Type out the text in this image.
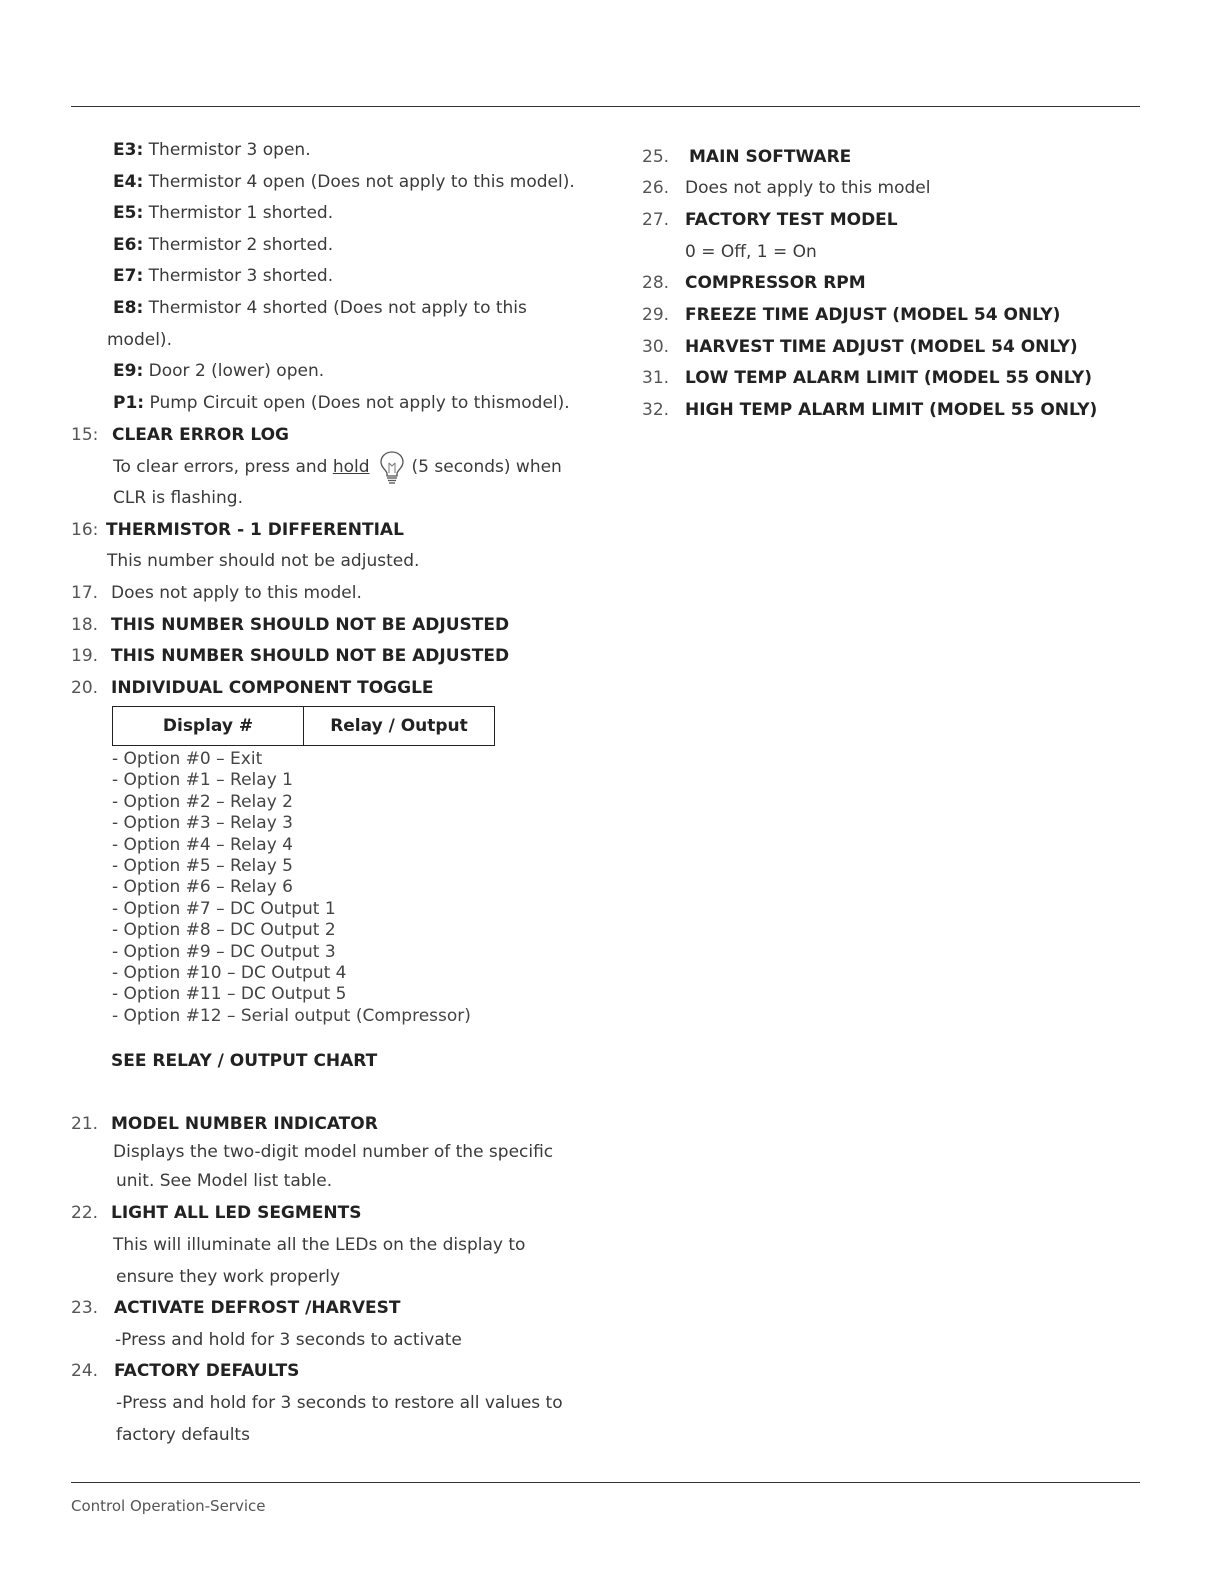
E3: Thermistor 3 open.
E4: Thermistor 4 open (Does not apply to this model).
E5: Thermistor 1 shorted.
E6: Thermistor 2 shorted.
E7: Thermistor 3 shorted.
E8: Thermistor 4 shorted (Does not apply to this
model).
E9: Door 2 (lower) open.
P1: Pump Circuit open (Does not apply to thismodel).
15: CLEAR ERROR LOG
To clear errors, press and hold (5 seconds) when
CLR is flashing.
16: THERMISTOR - 1 DIFFERENTIAL
This number should not be adjusted.
17. Does not apply to this model.
18. THIS NUMBER SHOULD NOT BE ADJUSTED
19. THIS NUMBER SHOULD NOT BE ADJUSTED
20. INDIVIDUAL COMPONENT TOGGLE
Display #	Relay / Output
- Option #0 – Exit
- Option #1 – Relay 1
- Option #2 – Relay 2
- Option #3 – Relay 3
- Option #4 – Relay 4
- Option #5 – Relay 5
- Option #6 – Relay 6
- Option #7 – DC Output 1
- Option #8 – DC Output 2
- Option #9 – DC Output 3
- Option #10 – DC Output 4
- Option #11 – DC Output 5
- Option #12 – Serial output (Compressor)
SEE RELAY / OUTPUT CHART
21. MODEL NUMBER INDICATOR
Displays the two-digit model number of the specific
unit. See Model list table.
22. LIGHT ALL LED SEGMENTS
This will illuminate all the LEDs on the display to
ensure they work properly
23. ACTIVATE DEFROST /HARVEST
-Press and hold for 3 seconds to activate
24. FACTORY DEFAULTS
-Press and hold for 3 seconds to restore all values to
factory defaults
25. MAIN SOFTWARE
26. Does not apply to this model
27. FACTORY TEST MODEL
0 = Off, 1 = On
28. COMPRESSOR RPM
29. FREEZE TIME ADJUST (MODEL 54 ONLY)
30. HARVEST TIME ADJUST (MODEL 54 ONLY)
31. LOW TEMP ALARM LIMIT (MODEL 55 ONLY)
32. HIGH TEMP ALARM LIMIT (MODEL 55 ONLY)
Control Operation-Service
